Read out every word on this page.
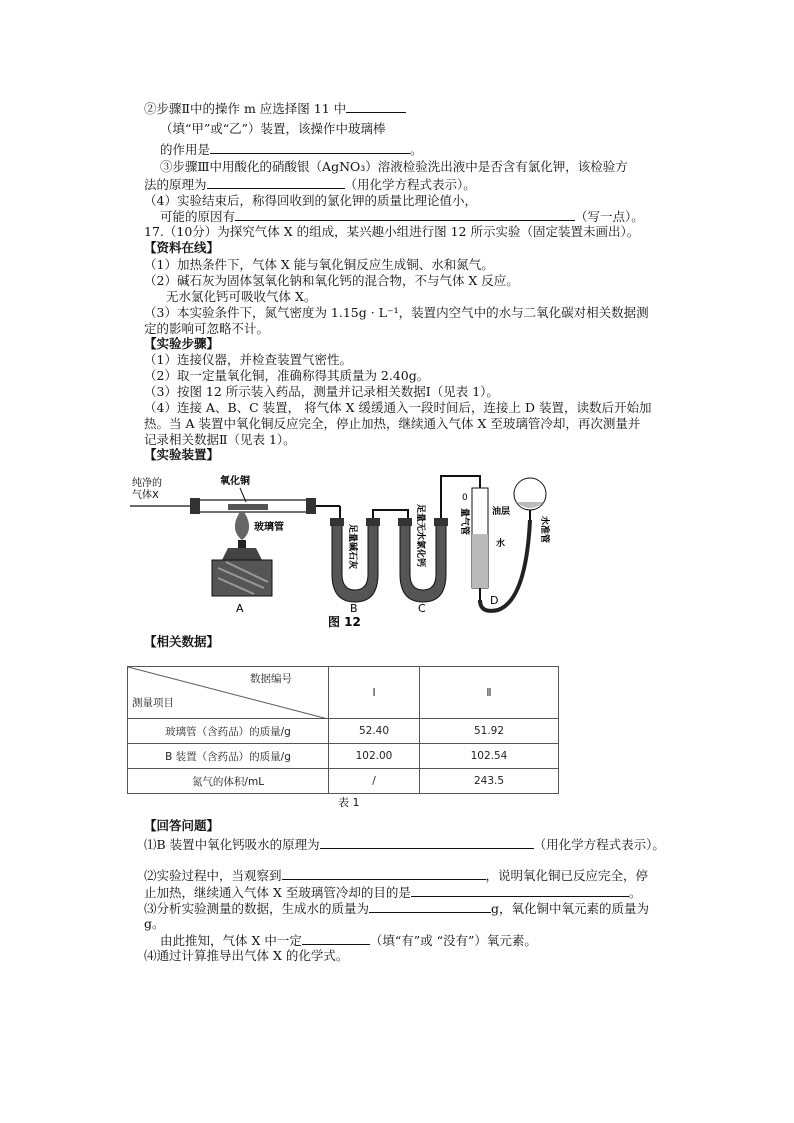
②步骤Ⅱ中的操作 m 应选择图 11 中
（填“甲”或“乙”）装置，该操作中玻璃棒
的作用是	。
③步骤Ⅲ中用酸化的硝酸银（AgNO₃）溶液检验洗出液中是否含有氯化钾，该检验方
法的原理为	（用化学方程式表示）。
（4）实验结束后，称得回收到的氯化钾的质量比理论值小，
可能的原因有	（写一点）。
17.（10分）为探究气体 X 的组成，某兴趣小组进行图 12 所示实验（固定装置未画出）。
【资料在线】
（1）加热条件下，气体 X 能与氧化铜反应生成铜、水和氮气。
（2）碱石灰为固体氢氧化钠和氧化钙的混合物，不与气体 X 反应。
无水氯化钙可吸收气体 X。
（3）本实验条件下，氮气密度为 1.15g · L⁻¹，装置内空气中的水与二氧化碳对相关数据测
定的影响可忽略不计。
【实验步骤】
（1）连接仪器，并检查装置气密性。
（2）取一定量氧化铜，准确称得其质量为 2.40g。
（3）按图 12 所示装入药品，测量并记录相关数据Ⅰ（见表 1）。
（4）连接 A、B、C 装置， 将气体 X 缓缓通入一段时间后，连接上 D 装置，读数后开始加
热。当 A 装置中氧化铜反应完全，停止加热，继续通入气体 X 至玻璃管冷却，再次测量并
记录相关数据Ⅱ（见表 1）。
【实验装置】
纯净的
气体X
氧化铜
玻璃管
A
足量碱石灰
B
足量无水氯化钙
C
0
量气管	油层
水
水准管
D
图 12
【相关数据】
数据编号
测量项目	Ⅰ	Ⅱ
玻璃管（含药品）的质量/g	52.40	51.92
B 装置（含药品）的质量/g	102.00	102.54
氮气的体积/mL	/	243.5
表 1
【回答问题】
⑴B 装置中氧化钙吸水的原理为	（用化学方程式表示）。
⑵实验过程中，当观察到	，说明氧化铜已反应完全，停
止加热，继续通入气体 X 至玻璃管冷却的目的是	。
⑶分析实验测量的数据，生成水的质量为	g，氧化铜中氧元素的质量为
g。
由此推知，气体 X 中一定	（填“有”或 “没有”）氧元素。
⑷通过计算推导出气体 X 的化学式。
